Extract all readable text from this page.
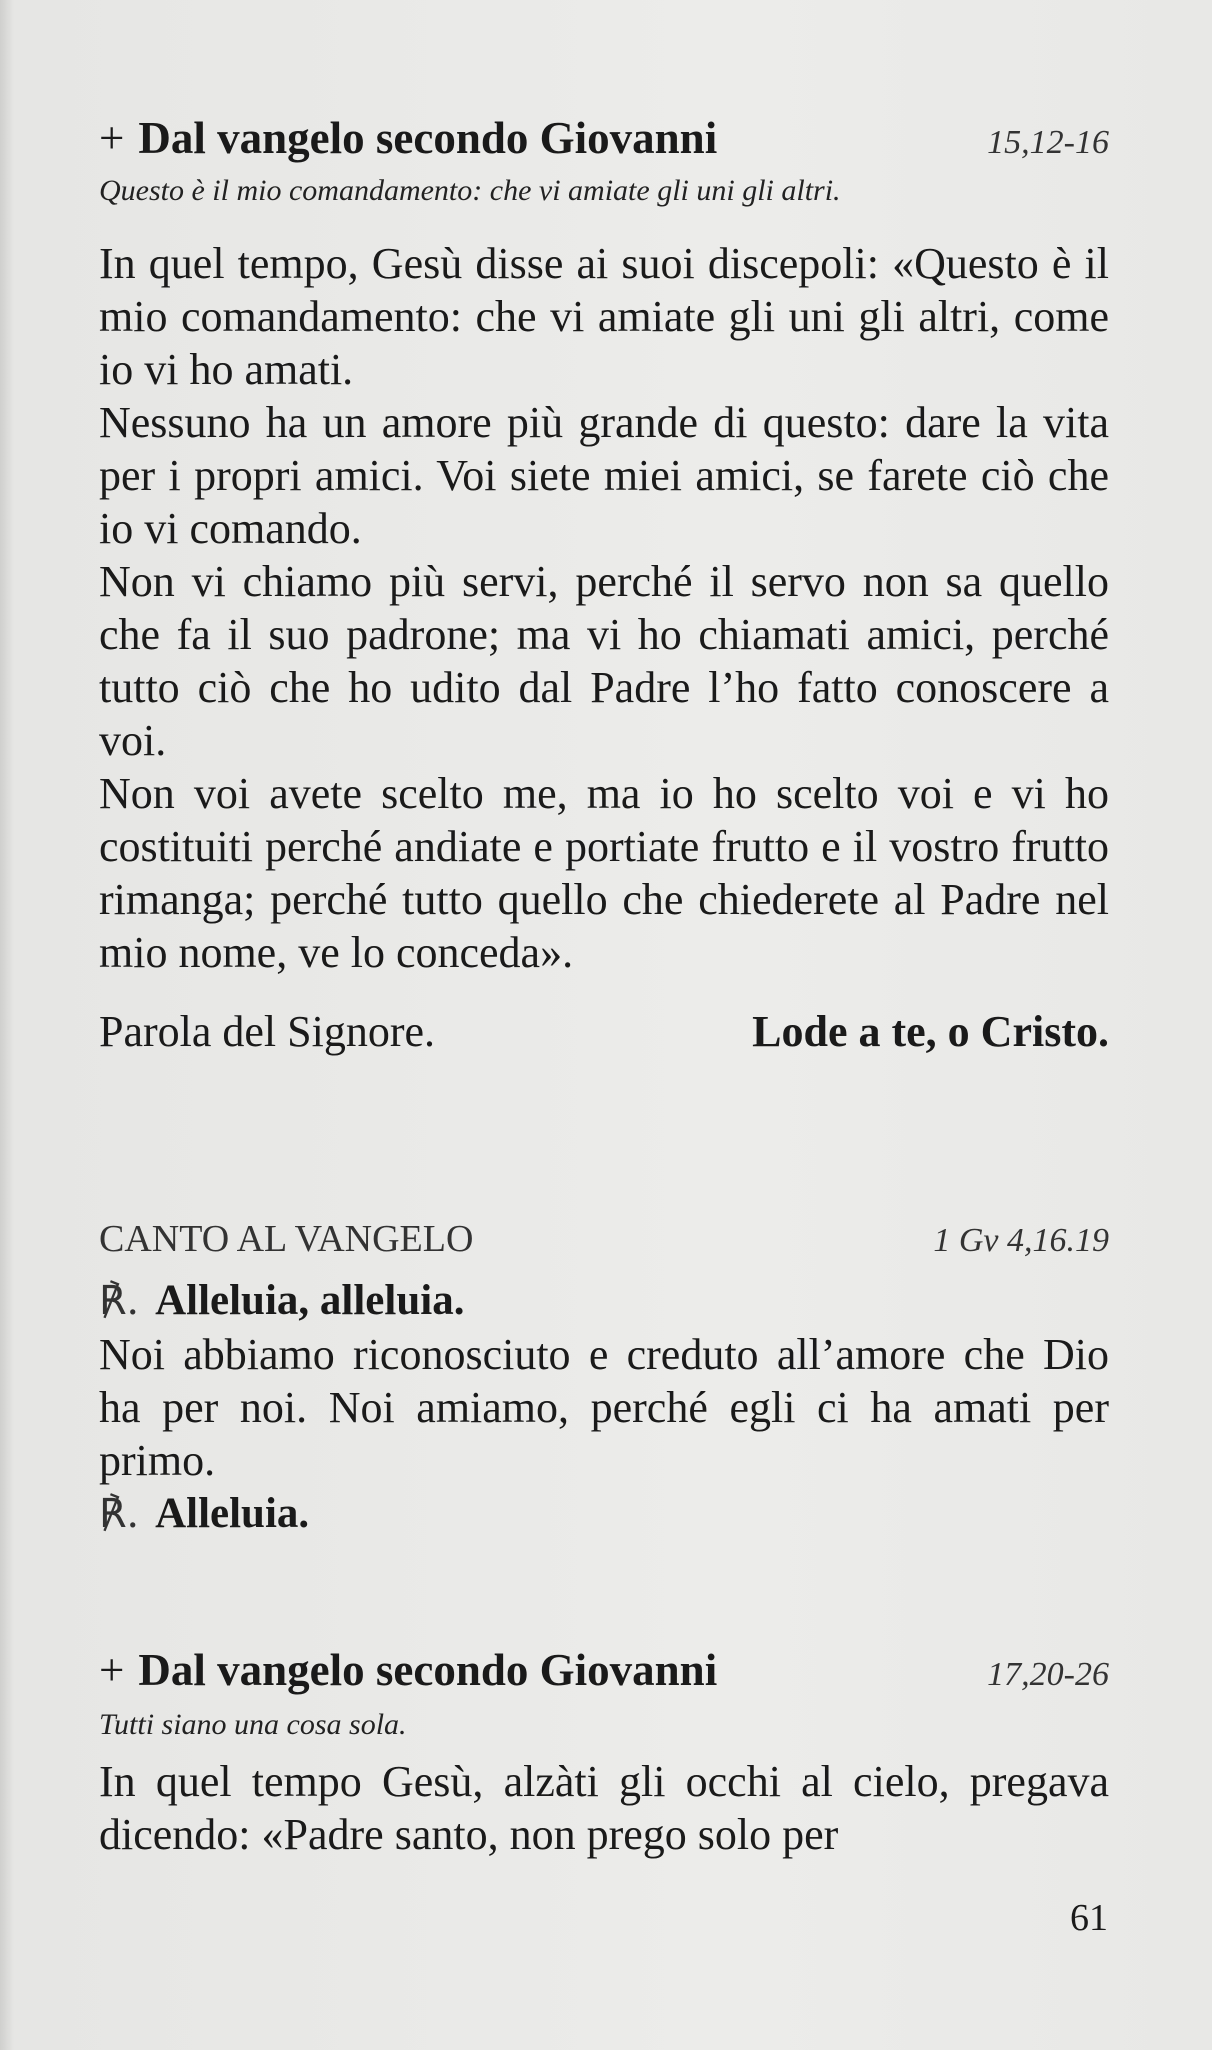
+ Dal vangelo secondo Giovanni	15,12-16
Questo è il mio comandamento: che vi amiate gli uni gli altri.

In quel tempo, Gesù disse ai suoi discepoli: «Questo è il mio comandamento: che vi amiate gli uni gli altri, come io vi ho amati.

Nessuno ha un amore più grande di questo: dare la vita per i propri amici. Voi siete miei amici, se farete ciò che io vi comando.

Non vi chiamo più servi, perché il servo non sa quello che fa il suo padrone; ma vi ho chiamati amici, perché tutto ciò che ho udito dal Padre l’ho fatto conoscere a voi.

Non voi avete scelto me, ma io ho scelto voi e vi ho costituiti perché andiate e portiate frutto e il vostro frutto rimanga; perché tutto quello che chiederete al Padre nel mio nome, ve lo conceda».

Parola del Signore.	Lode a te, o Cristo.
CANTO AL VANGELO	1 Gv 4,16.19
℟. Alleluia, alleluia.

Noi abbiamo riconosciuto e creduto all’amore che Dio ha per noi. Noi amiamo, perché egli ci ha amati per primo.

℟. Alleluia.
+ Dal vangelo secondo Giovanni	17,20-26
Tutti siano una cosa sola.

In quel tempo Gesù, alzàti gli occhi al cielo, pregava dicendo: «Padre santo, non prego solo per

61
